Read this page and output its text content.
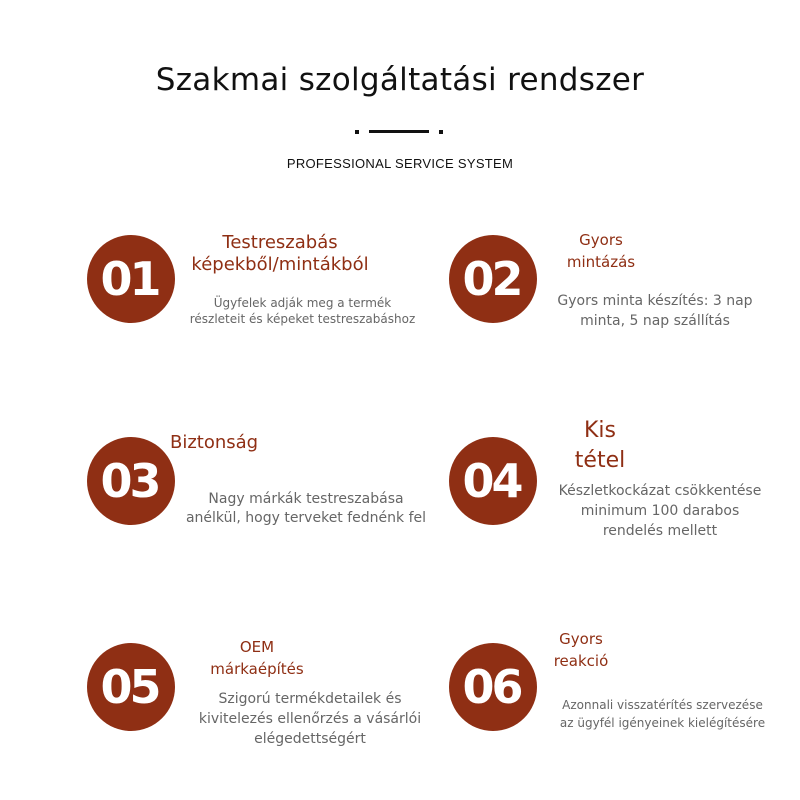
Szakmai szolgáltatási rendszer
PROFESSIONAL SERVICE SYSTEM
01
Testreszabás
képekből/mintákból
Ügyfelek adják meg a termék
részleteit és képeket testreszabáshoz
02
Gyors
mintázás
Gyors minta készítés: 3 nap
minta, 5 nap szállítás
03
Biztonság
Nagy márkák testreszabása
anélkül, hogy terveket fednénk fel
04
Kis
tétel
Készletkockázat csökkentése
minimum 100 darabos
rendelés mellett
05
OEM
márkaépítés
Szigorú termékdetailek és
kivitelezés ellenőrzés a vásárlói
elégedettségért
06
Gyors
reakció
Azonnali visszatérítés szervezése
az ügyfél igényeinek kielégítésére
